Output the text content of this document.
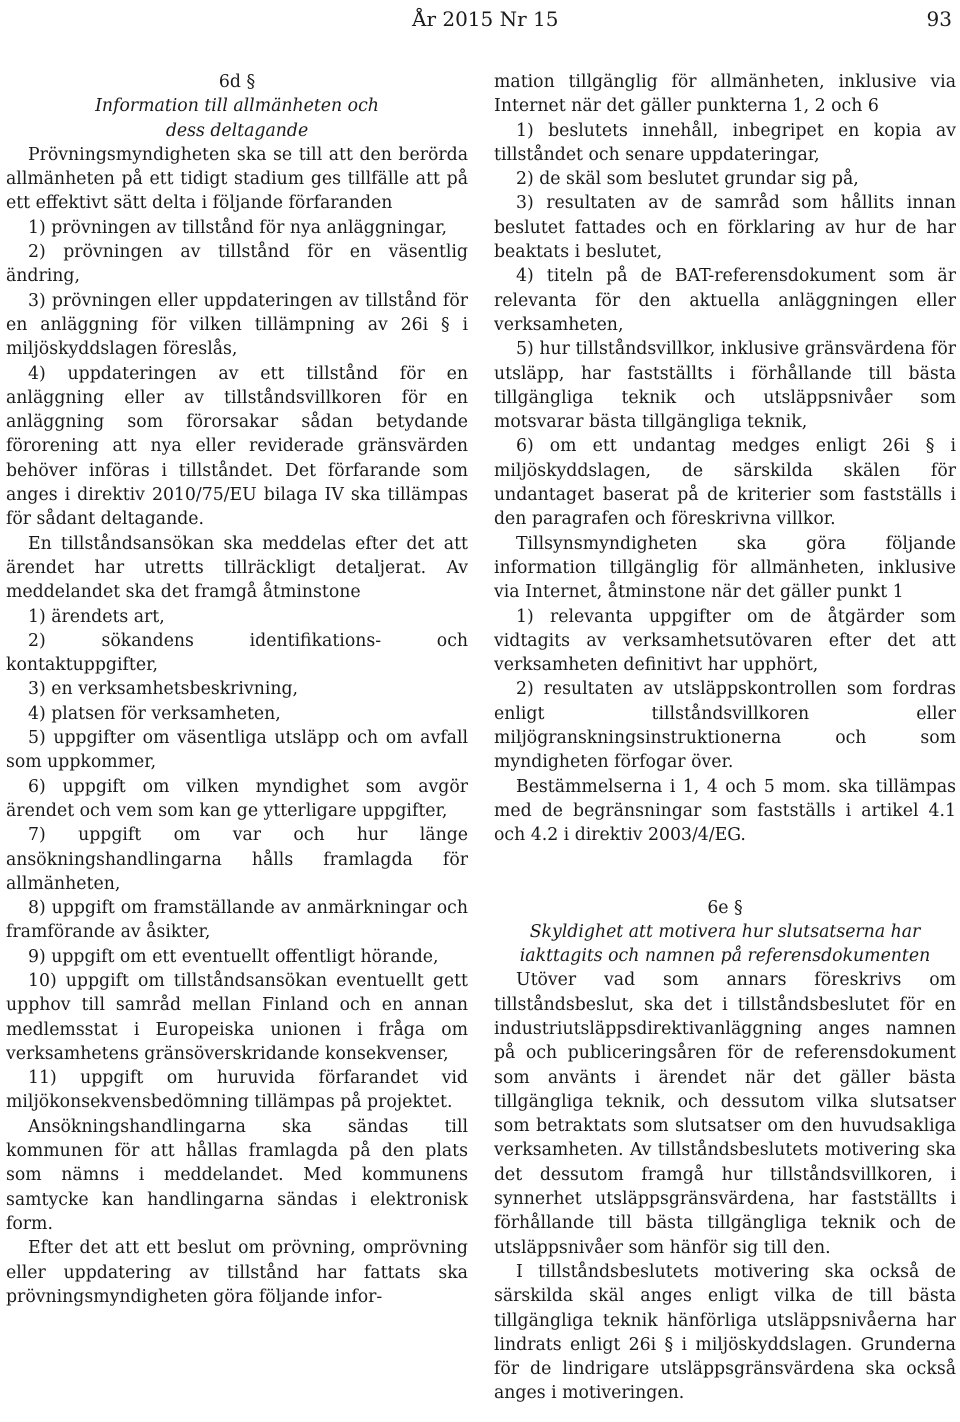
År 2015 Nr 15	93

6d §

Information till allmänheten och

dess deltagande

Prövningsmyndigheten ska se till att den berörda allmänheten på ett tidigt stadium ges tillfälle att på ett effektivt sätt delta i följande förfaranden

1) prövningen av tillstånd för nya anläggningar,

2) prövningen av tillstånd för en väsentlig ändring,

3) prövningen eller uppdateringen av tillstånd för en anläggning för vilken tillämpning av 26i § i miljöskyddslagen föreslås,

4) uppdateringen av ett tillstånd för en anläggning eller av tillståndsvillkoren för en anläggning som förorsakar sådan betydande förorening att nya eller reviderade gränsvärden behöver införas i tillståndet. Det förfarande som anges i direktiv 2010/75/EU bilaga IV ska tillämpas för sådant deltagande.

En tillståndsansökan ska meddelas efter det att ärendet har utretts tillräckligt detaljerat. Av meddelandet ska det framgå åtminstone

1) ärendets art,

2) sökandens identifikations- och kontaktuppgifter,

3) en verksamhetsbeskrivning,

4) platsen för verksamheten,

5) uppgifter om väsentliga utsläpp och om avfall som uppkommer,

6) uppgift om vilken myndighet som avgör ärendet och vem som kan ge ytterligare uppgifter,

7) uppgift om var och hur länge ansökningshandlingarna hålls framlagda för allmänheten,

8) uppgift om framställande av anmärkningar och framförande av åsikter,

9) uppgift om ett eventuellt offentligt hörande,

10) uppgift om tillståndsansökan eventuellt gett upphov till samråd mellan Finland och en annan medlemsstat i Europeiska unionen i fråga om verksamhetens gränsöverskridande konsekvenser,

11) uppgift om huruvida förfarandet vid miljökonsekvensbedömning tillämpas på projektet.

Ansökningshandlingarna ska sändas till kommunen för att hållas framlagda på den plats som nämns i meddelandet. Med kommunens samtycke kan handlingarna sändas i elektronisk form.

Efter det att ett beslut om prövning, omprövning eller uppdatering av tillstånd har fattats ska prövningsmyndigheten göra följande infor-

mation tillgänglig för allmänheten, inklusive via Internet när det gäller punkterna 1, 2 och 6

1) beslutets innehåll, inbegripet en kopia av tillståndet och senare uppdateringar,

2) de skäl som beslutet grundar sig på,

3) resultaten av de samråd som hållits innan beslutet fattades och en förklaring av hur de har beaktats i beslutet,

4) titeln på de BAT-referensdokument som är relevanta för den aktuella anläggningen eller verksamheten,

5) hur tillståndsvillkor, inklusive gränsvärdena för utsläpp, har fastställts i förhållande till bästa tillgängliga teknik och utsläppsnivåer som motsvarar bästa tillgängliga teknik,

6) om ett undantag medges enligt 26i § i miljöskyddslagen, de särskilda skälen för undantaget baserat på de kriterier som fastställs i den paragrafen och föreskrivna villkor.

Tillsynsmyndigheten ska göra följande information tillgänglig för allmänheten, inklusive via Internet, åtminstone när det gäller punkt 1

1) relevanta uppgifter om de åtgärder som vidtagits av verksamhetsutövaren efter det att verksamheten definitivt har upphört,

2) resultaten av utsläppskontrollen som fordras enligt tillståndsvillkoren eller miljögranskningsinstruktionerna och som myndigheten förfogar över.

Bestämmelserna i 1, 4 och 5 mom. ska tillämpas med de begränsningar som fastställs i artikel 4.1 och 4.2 i direktiv 2003/4/EG.

6e §

Skyldighet att motivera hur slutsatserna har

iakttagits och namnen på referensdokumenten

Utöver vad som annars föreskrivs om tillståndsbeslut, ska det i tillståndsbeslutet för en industriutsläppsdirektivanläggning anges namnen på och publiceringsåren för de referensdokument som använts i ärendet när det gäller bästa tillgängliga teknik, och dessutom vilka slutsatser som betraktats som slutsatser om den huvudsakliga verksamheten. Av tillståndsbeslutets motivering ska det dessutom framgå hur tillståndsvillkoren, i synnerhet utsläppsgränsvärdena, har fastställts i förhållande till bästa tillgängliga teknik och de utsläppsnivåer som hänför sig till den.

I tillståndsbeslutets motivering ska också de särskilda skäl anges enligt vilka de till bästa tillgängliga teknik hänförliga utsläppsnivåerna har lindrats enligt 26i § i miljöskyddslagen. Grunderna för de lindrigare utsläppsgränsvärdena ska också anges i motiveringen.
